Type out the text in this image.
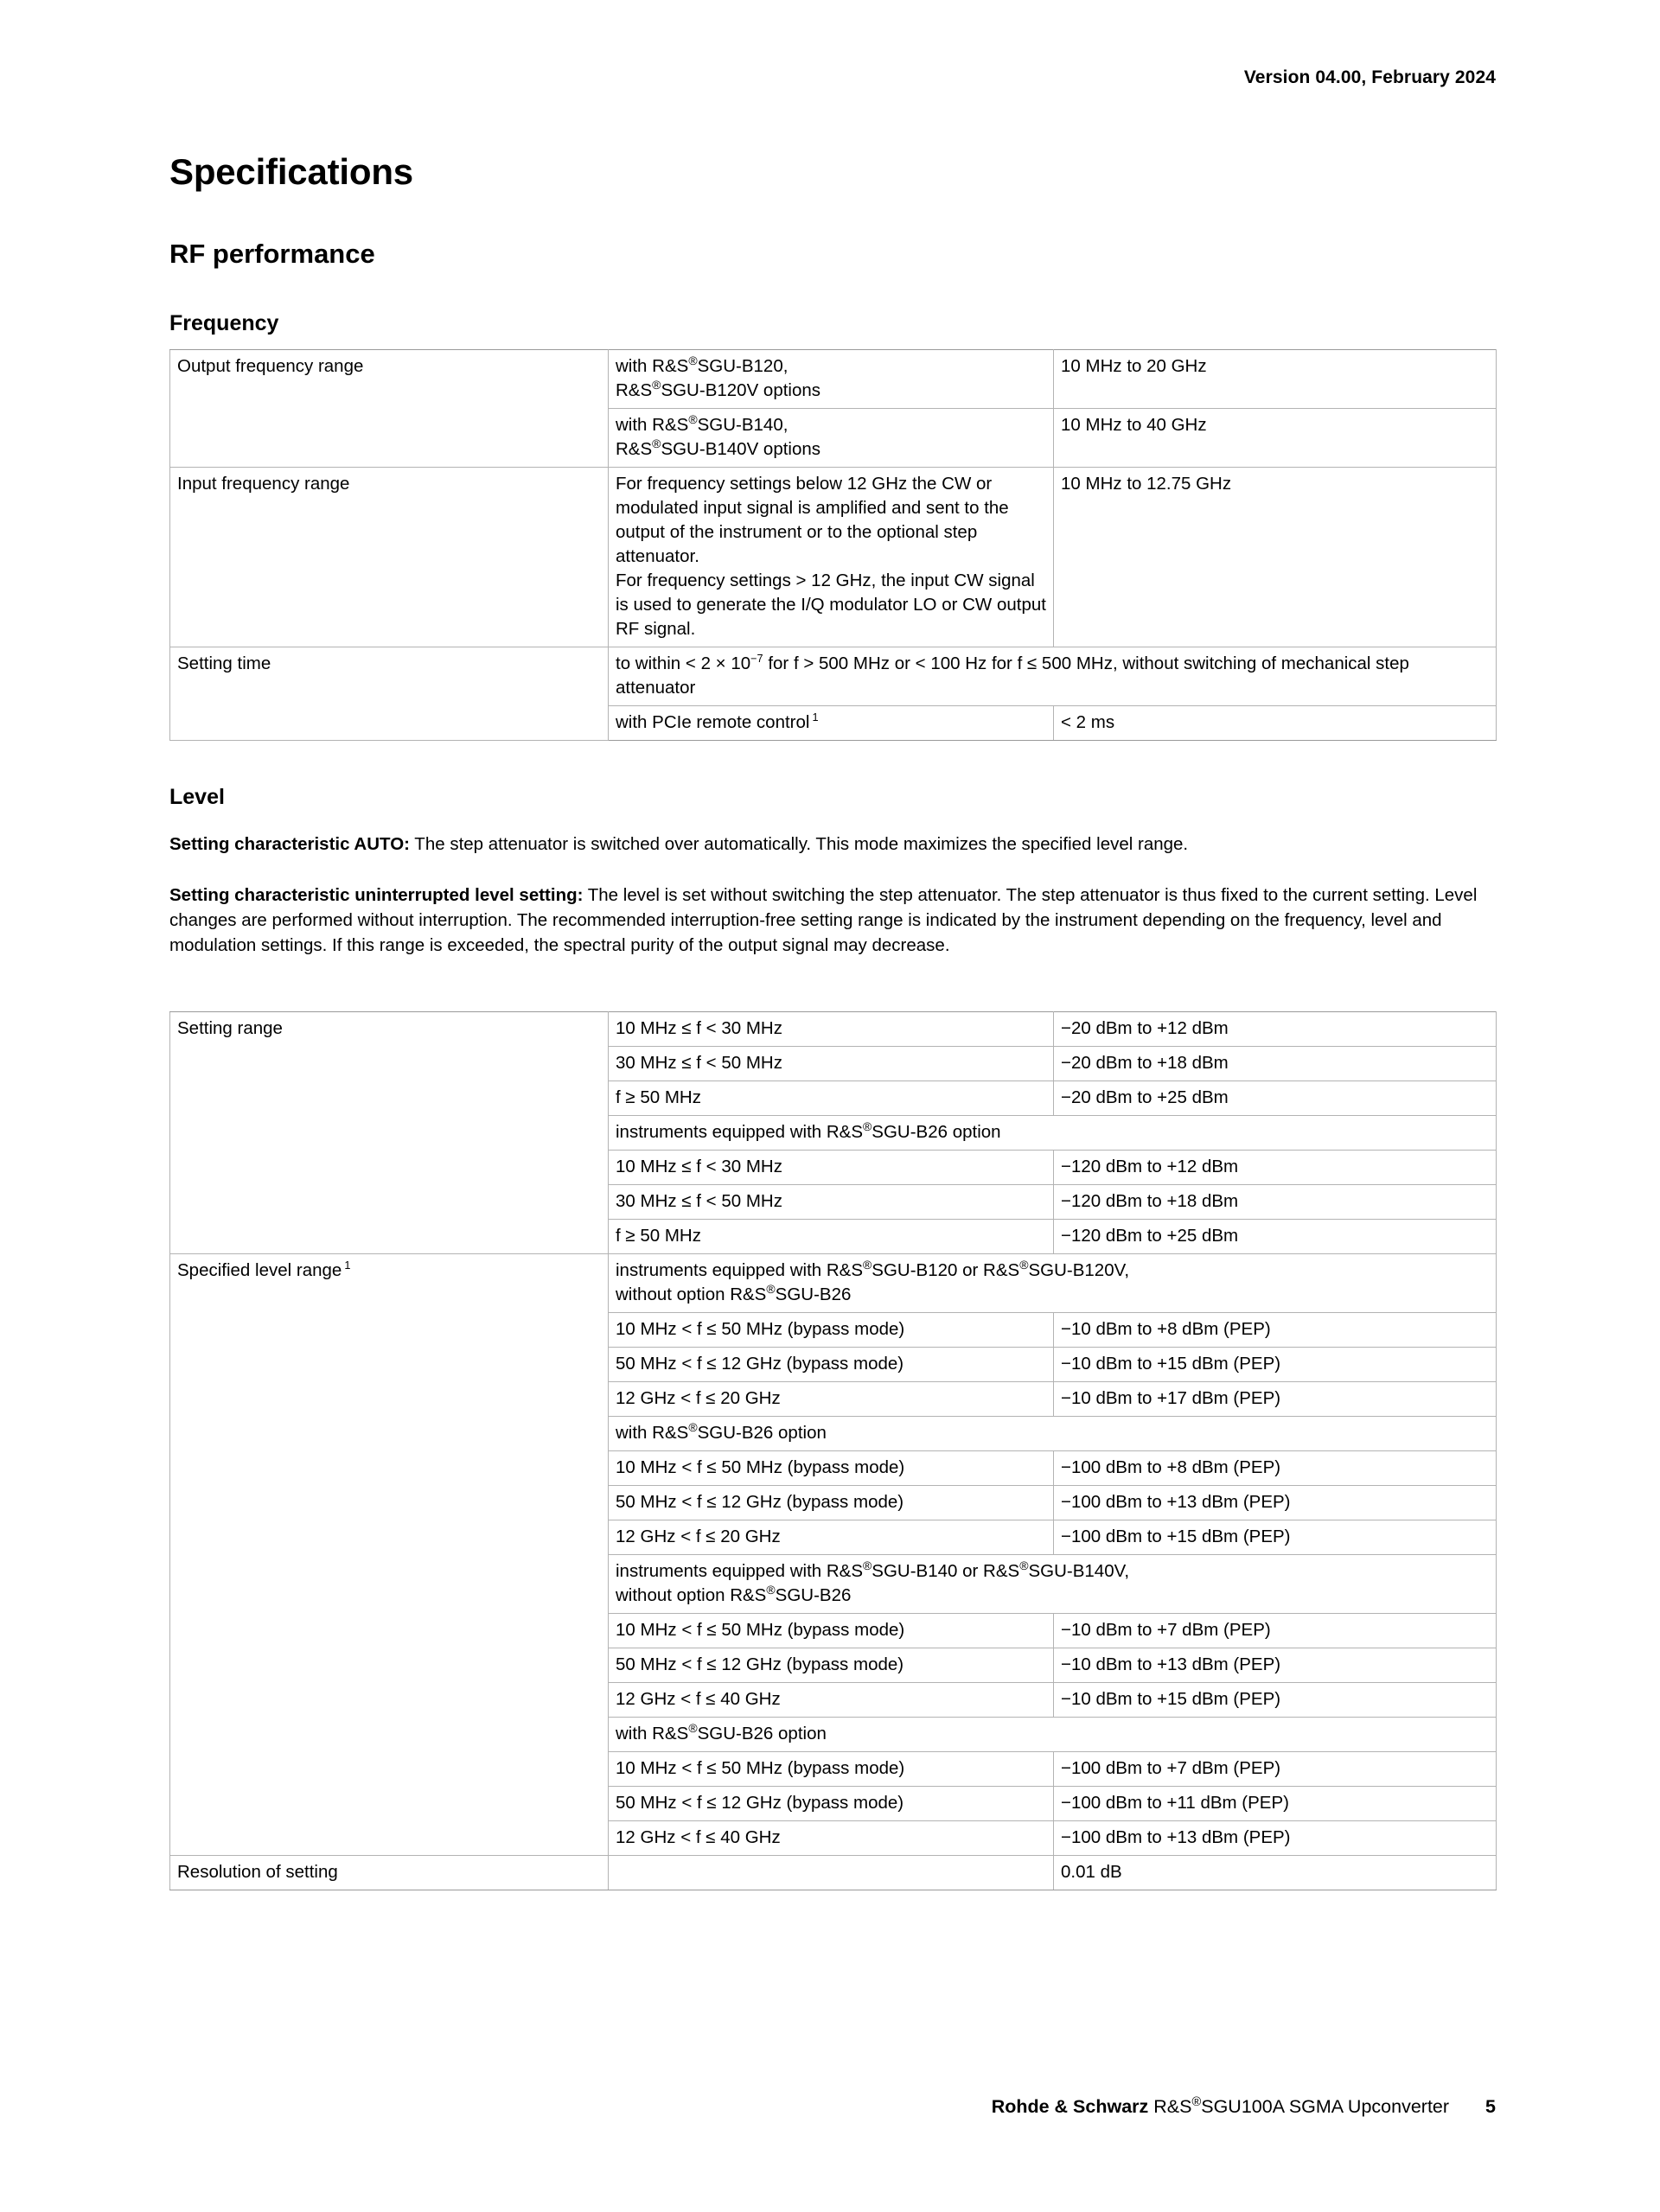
Version 04.00, February 2024
Specifications
RF performance
Frequency
Output frequency range	with R&S®SGU-B120,
R&S®SGU-B120V options	10 MHz to 20 GHz
	with R&S®SGU-B140,
R&S®SGU-B140V options	10 MHz to 40 GHz
Input frequency range	For frequency settings below 12 GHz the CW or modulated input signal is amplified and sent to the output of the instrument or to the optional step attenuator.
For frequency settings > 12 GHz, the input CW signal is used to generate the I/Q modulator LO or CW output RF signal.	10 MHz to 12.75 GHz
Setting time	to within < $2 \times 10^{-7}$ for f > 500 MHz or < 100 Hz for f ≤ 500 MHz, without switching of mechanical step attenuator	
	with PCIe remote control $^1$	< 2 ms
Level
Setting characteristic AUTO: The step attenuator is switched over automatically. This mode maximizes the specified level range.
Setting characteristic uninterrupted level setting: The level is set without switching the step attenuator. The step attenuator is thus fixed to the current setting. Level changes are performed without interruption. The recommended interruption-free setting range is indicated by the instrument depending on the frequency, level and modulation settings. If this range is exceeded, the spectral purity of the output signal may decrease.
Setting range	10 MHz ≤ f < 30 MHz	−20 dBm to +12 dBm
	30 MHz ≤ f < 50 MHz	−20 dBm to +18 dBm
	f ≥ 50 MHz	−20 dBm to +25 dBm
	instruments equipped with R&S®SGU-B26 option	
	10 MHz ≤ f < 30 MHz	−120 dBm to +12 dBm
	30 MHz ≤ f < 50 MHz	−120 dBm to +18 dBm
	f ≥ 50 MHz	−120 dBm to +25 dBm
Specified level range $^1$	instruments equipped with R&S®SGU-B120 or R&S®SGU-B120V,
without option R&S®SGU-B26	
	10 MHz < f ≤ 50 MHz (bypass mode)	−10 dBm to +8 dBm (PEP)
	50 MHz < f ≤ 12 GHz (bypass mode)	−10 dBm to +15 dBm (PEP)
	12 GHz < f ≤ 20 GHz	−10 dBm to +17 dBm (PEP)
	with R&S®SGU-B26 option	
	10 MHz < f ≤ 50 MHz (bypass mode)	−100 dBm to +8 dBm (PEP)
	50 MHz < f ≤ 12 GHz (bypass mode)	−100 dBm to +13 dBm (PEP)
	12 GHz < f ≤ 20 GHz	−100 dBm to +15 dBm (PEP)
	instruments equipped with R&S®SGU-B140 or R&S®SGU-B140V,
without option R&S®SGU-B26	
	10 MHz < f ≤ 50 MHz (bypass mode)	−10 dBm to +7 dBm (PEP)
	50 MHz < f ≤ 12 GHz (bypass mode)	−10 dBm to +13 dBm (PEP)
	12 GHz < f ≤ 40 GHz	−10 dBm to +15 dBm (PEP)
	with R&S®SGU-B26 option	
	10 MHz < f ≤ 50 MHz (bypass mode)	−100 dBm to +7 dBm (PEP)
	50 MHz < f ≤ 12 GHz (bypass mode)	−100 dBm to +11 dBm (PEP)
	12 GHz < f ≤ 40 GHz	−100 dBm to +13 dBm (PEP)
Resolution of setting		0.01 dB
Rohde & Schwarz R&S®SGU100A SGMA Upconverter 5
